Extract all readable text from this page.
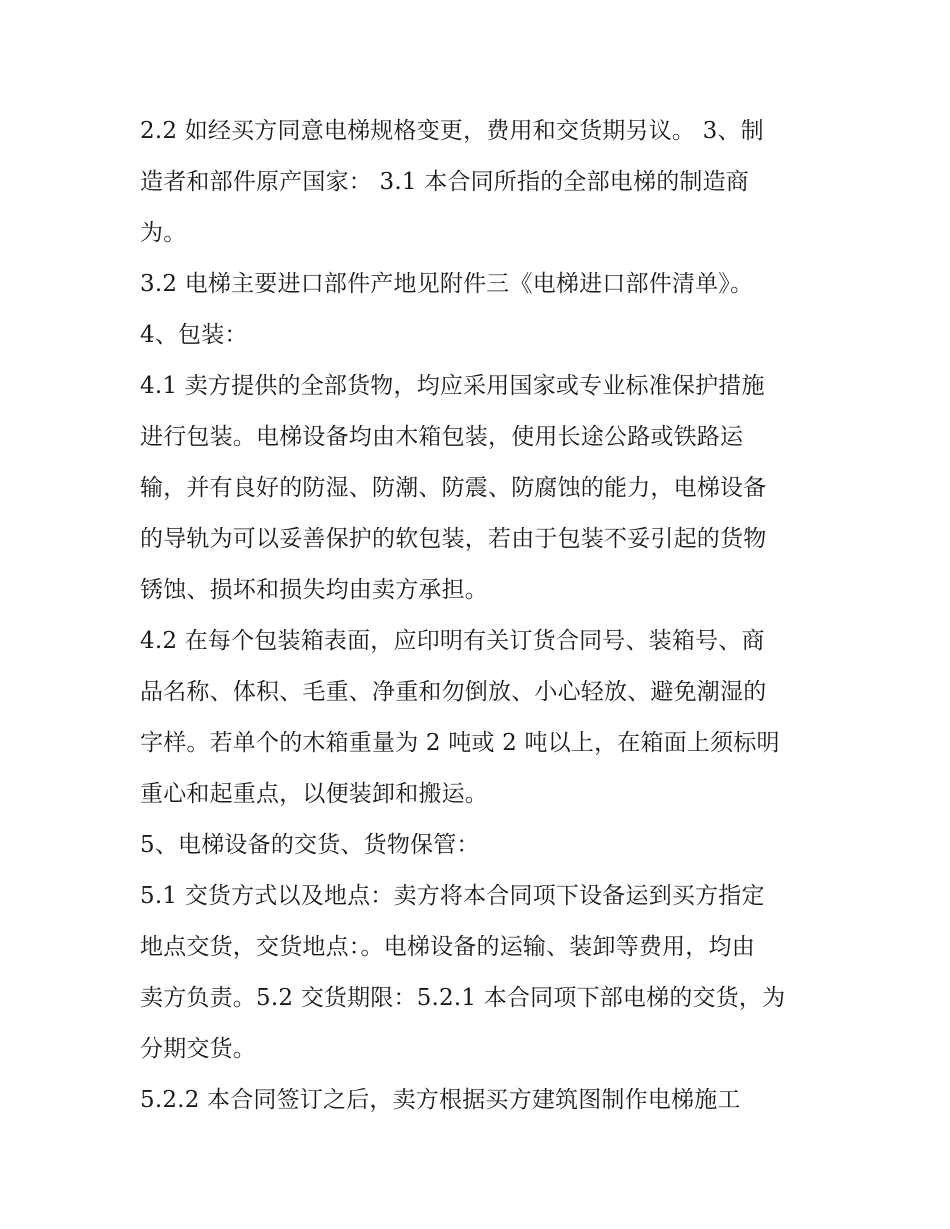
2.2 如经买方同意电梯规格变更，费用和交货期另议。 3、制
造者和部件原产国家： 3.1 本合同所指的全部电梯的制造商
为。
3.2 电梯主要进口部件产地见附件三《电梯进口部件清单》。
4、包装：
4.1 卖方提供的全部货物，均应采用国家或专业标准保护措施
进行包装。电梯设备均由木箱包装，使用长途公路或铁路运
输，并有良好的防湿、防潮、防震、防腐蚀的能力，电梯设备
的导轨为可以妥善保护的软包装，若由于包装不妥引起的货物
锈蚀、损坏和损失均由卖方承担。
4.2 在每个包装箱表面，应印明有关订货合同号、装箱号、商
品名称、体积、毛重、净重和勿倒放、小心轻放、避免潮湿的
字样。若单个的木箱重量为 2 吨或 2 吨以上，在箱面上须标明
重心和起重点，以便装卸和搬运。
5、电梯设备的交货、货物保管：
5.1 交货方式以及地点：卖方将本合同项下设备运到买方指定
地点交货，交货地点：。电梯设备的运输、装卸等费用，均由
卖方负责。5.2 交货期限：5.2.1 本合同项下部电梯的交货，为
分期交货。
5.2.2 本合同签订之后，卖方根据买方建筑图制作电梯施工
